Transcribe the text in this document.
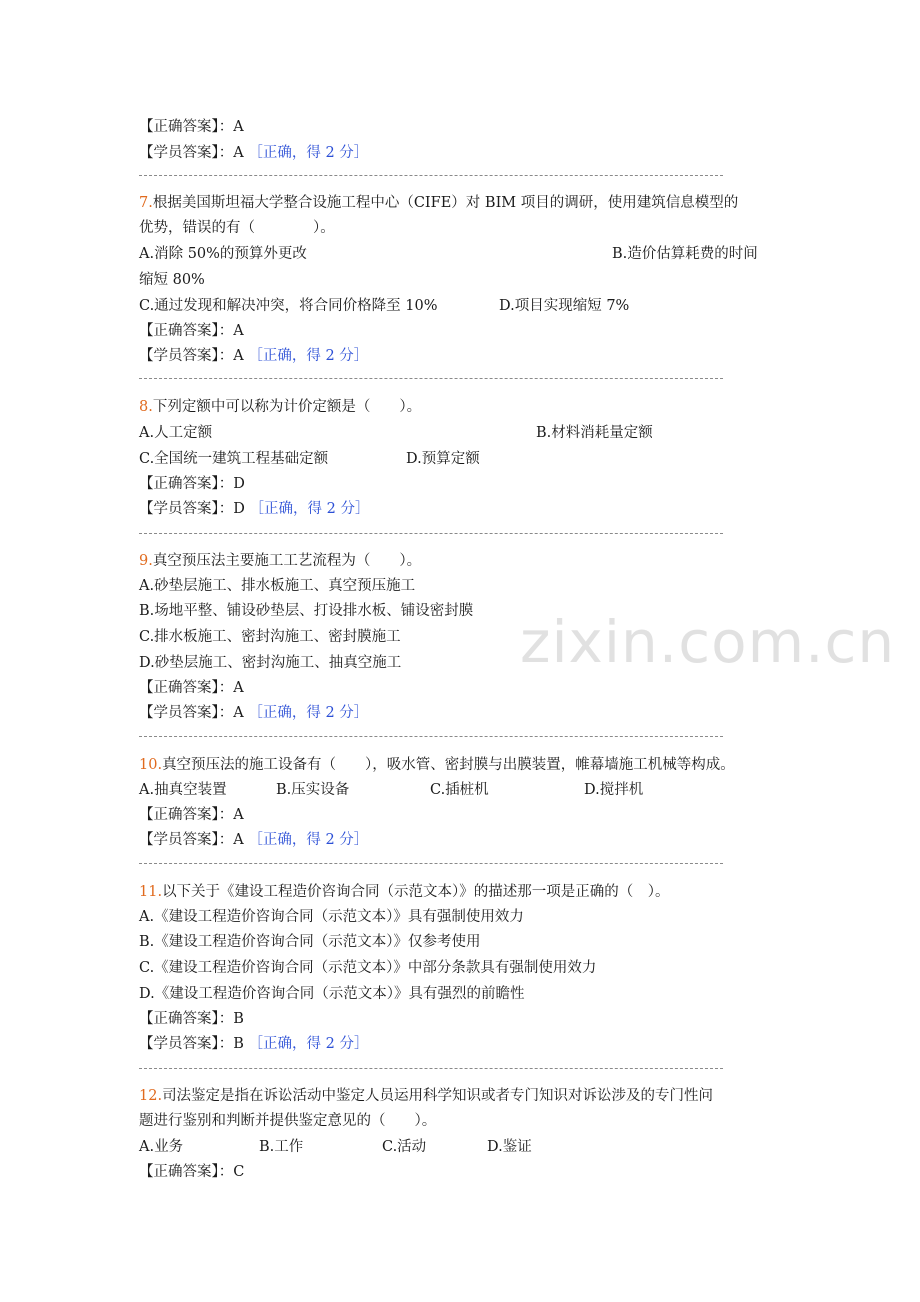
zixin.com.cn
【正确答案】：A
【学员答案】：A ［正确，得 2 分］
7.根据美国斯坦福大学整合设施工程中心（CIFE）对 BIM 项目的调研，使用建筑信息模型的
优势，错误的有（　　　　）。
A.消除 50%的预算外更改	B.造价估算耗费的时间
缩短 80%
C.通过发现和解决冲突，将合同价格降至 10%	D.项目实现缩短 7%
【正确答案】：A
【学员答案】：A ［正确，得 2 分］
8.下列定额中可以称为计价定额是（　　）。
A.人工定额	B.材料消耗量定额
C.全国统一建筑工程基础定额	D.预算定额
【正确答案】：D
【学员答案】：D ［正确，得 2 分］
9.真空预压法主要施工工艺流程为（　　）。
A.砂垫层施工、排水板施工、真空预压施工
B.场地平整、铺设砂垫层、打设排水板、铺设密封膜
C.排水板施工、密封沟施工、密封膜施工
D.砂垫层施工、密封沟施工、抽真空施工
【正确答案】：A
【学员答案】：A ［正确，得 2 分］
10.真空预压法的施工设备有（　　），吸水管、密封膜与出膜装置，帷幕墙施工机械等构成。
A.抽真空装置	B.压实设备	C.插桩机	D.搅拌机
【正确答案】：A
【学员答案】：A ［正确，得 2 分］
11.以下关于《建设工程造价咨询合同（示范文本）》的描述那一项是正确的（　）。
A.《建设工程造价咨询合同（示范文本）》具有强制使用效力
B.《建设工程造价咨询合同（示范文本）》仅参考使用
C.《建设工程造价咨询合同（示范文本）》中部分条款具有强制使用效力
D.《建设工程造价咨询合同（示范文本）》具有强烈的前瞻性
【正确答案】：B
【学员答案】：B ［正确，得 2 分］
12.司法鉴定是指在诉讼活动中鉴定人员运用科学知识或者专门知识对诉讼涉及的专门性问
题进行鉴别和判断并提供鉴定意见的（　　）。
A.业务	B.工作	C.活动	D.鉴证
【正确答案】：C
